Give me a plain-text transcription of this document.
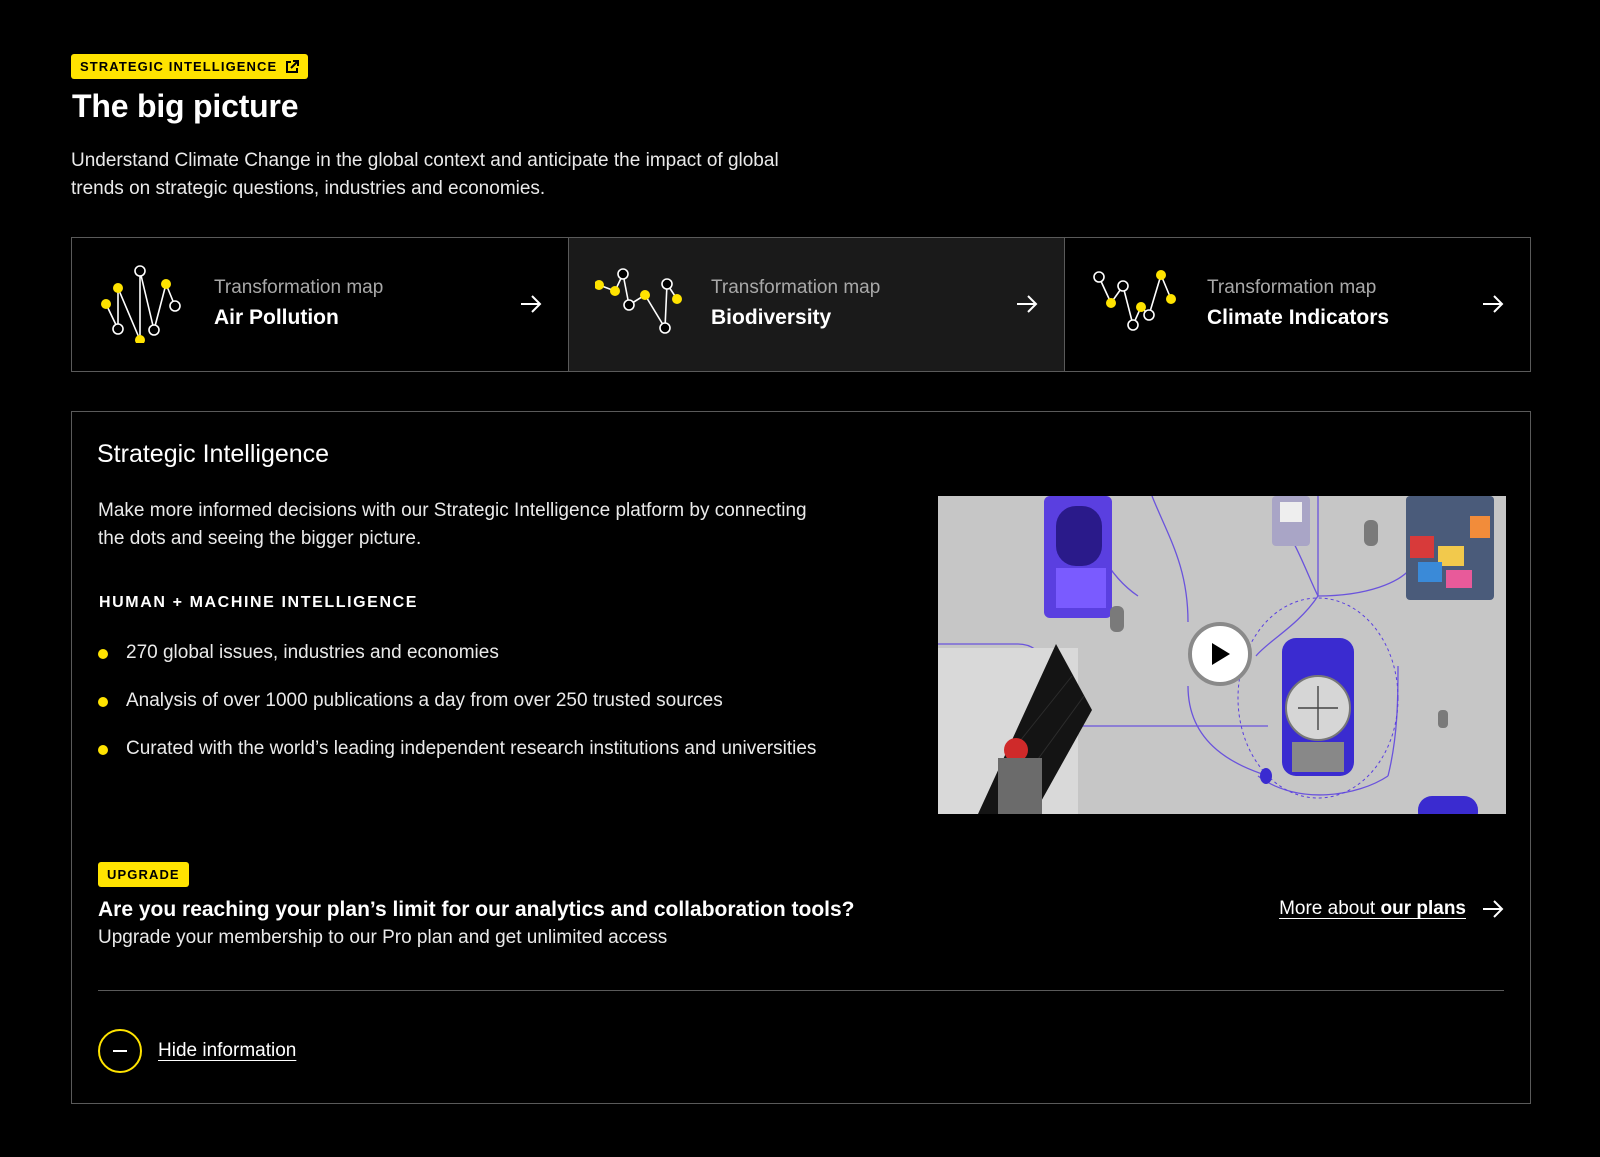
STRATEGIC INTELLIGENCE
The big picture

Understand Climate Change in the global context and anticipate the impact of global trends on strategic questions, industries and economies.

Transformation map
Air Pollution
Transformation map
Biodiversity
Transformation map
Climate Indicators
Strategic Intelligence

Make more informed decisions with our Strategic Intelligence platform by connecting the dots and seeing the bigger picture.

HUMAN + MACHINE INTELLIGENCE
270 global issues, industries and economies
Analysis of over 1000 publications a day from over 250 trusted sources
Curated with the world’s leading independent research institutions and universities
UPGRADE

Are you reaching your plan’s limit for our analytics and collaboration tools?

Upgrade your membership to our Pro plan and get unlimited access

More about our plans
Hide information
